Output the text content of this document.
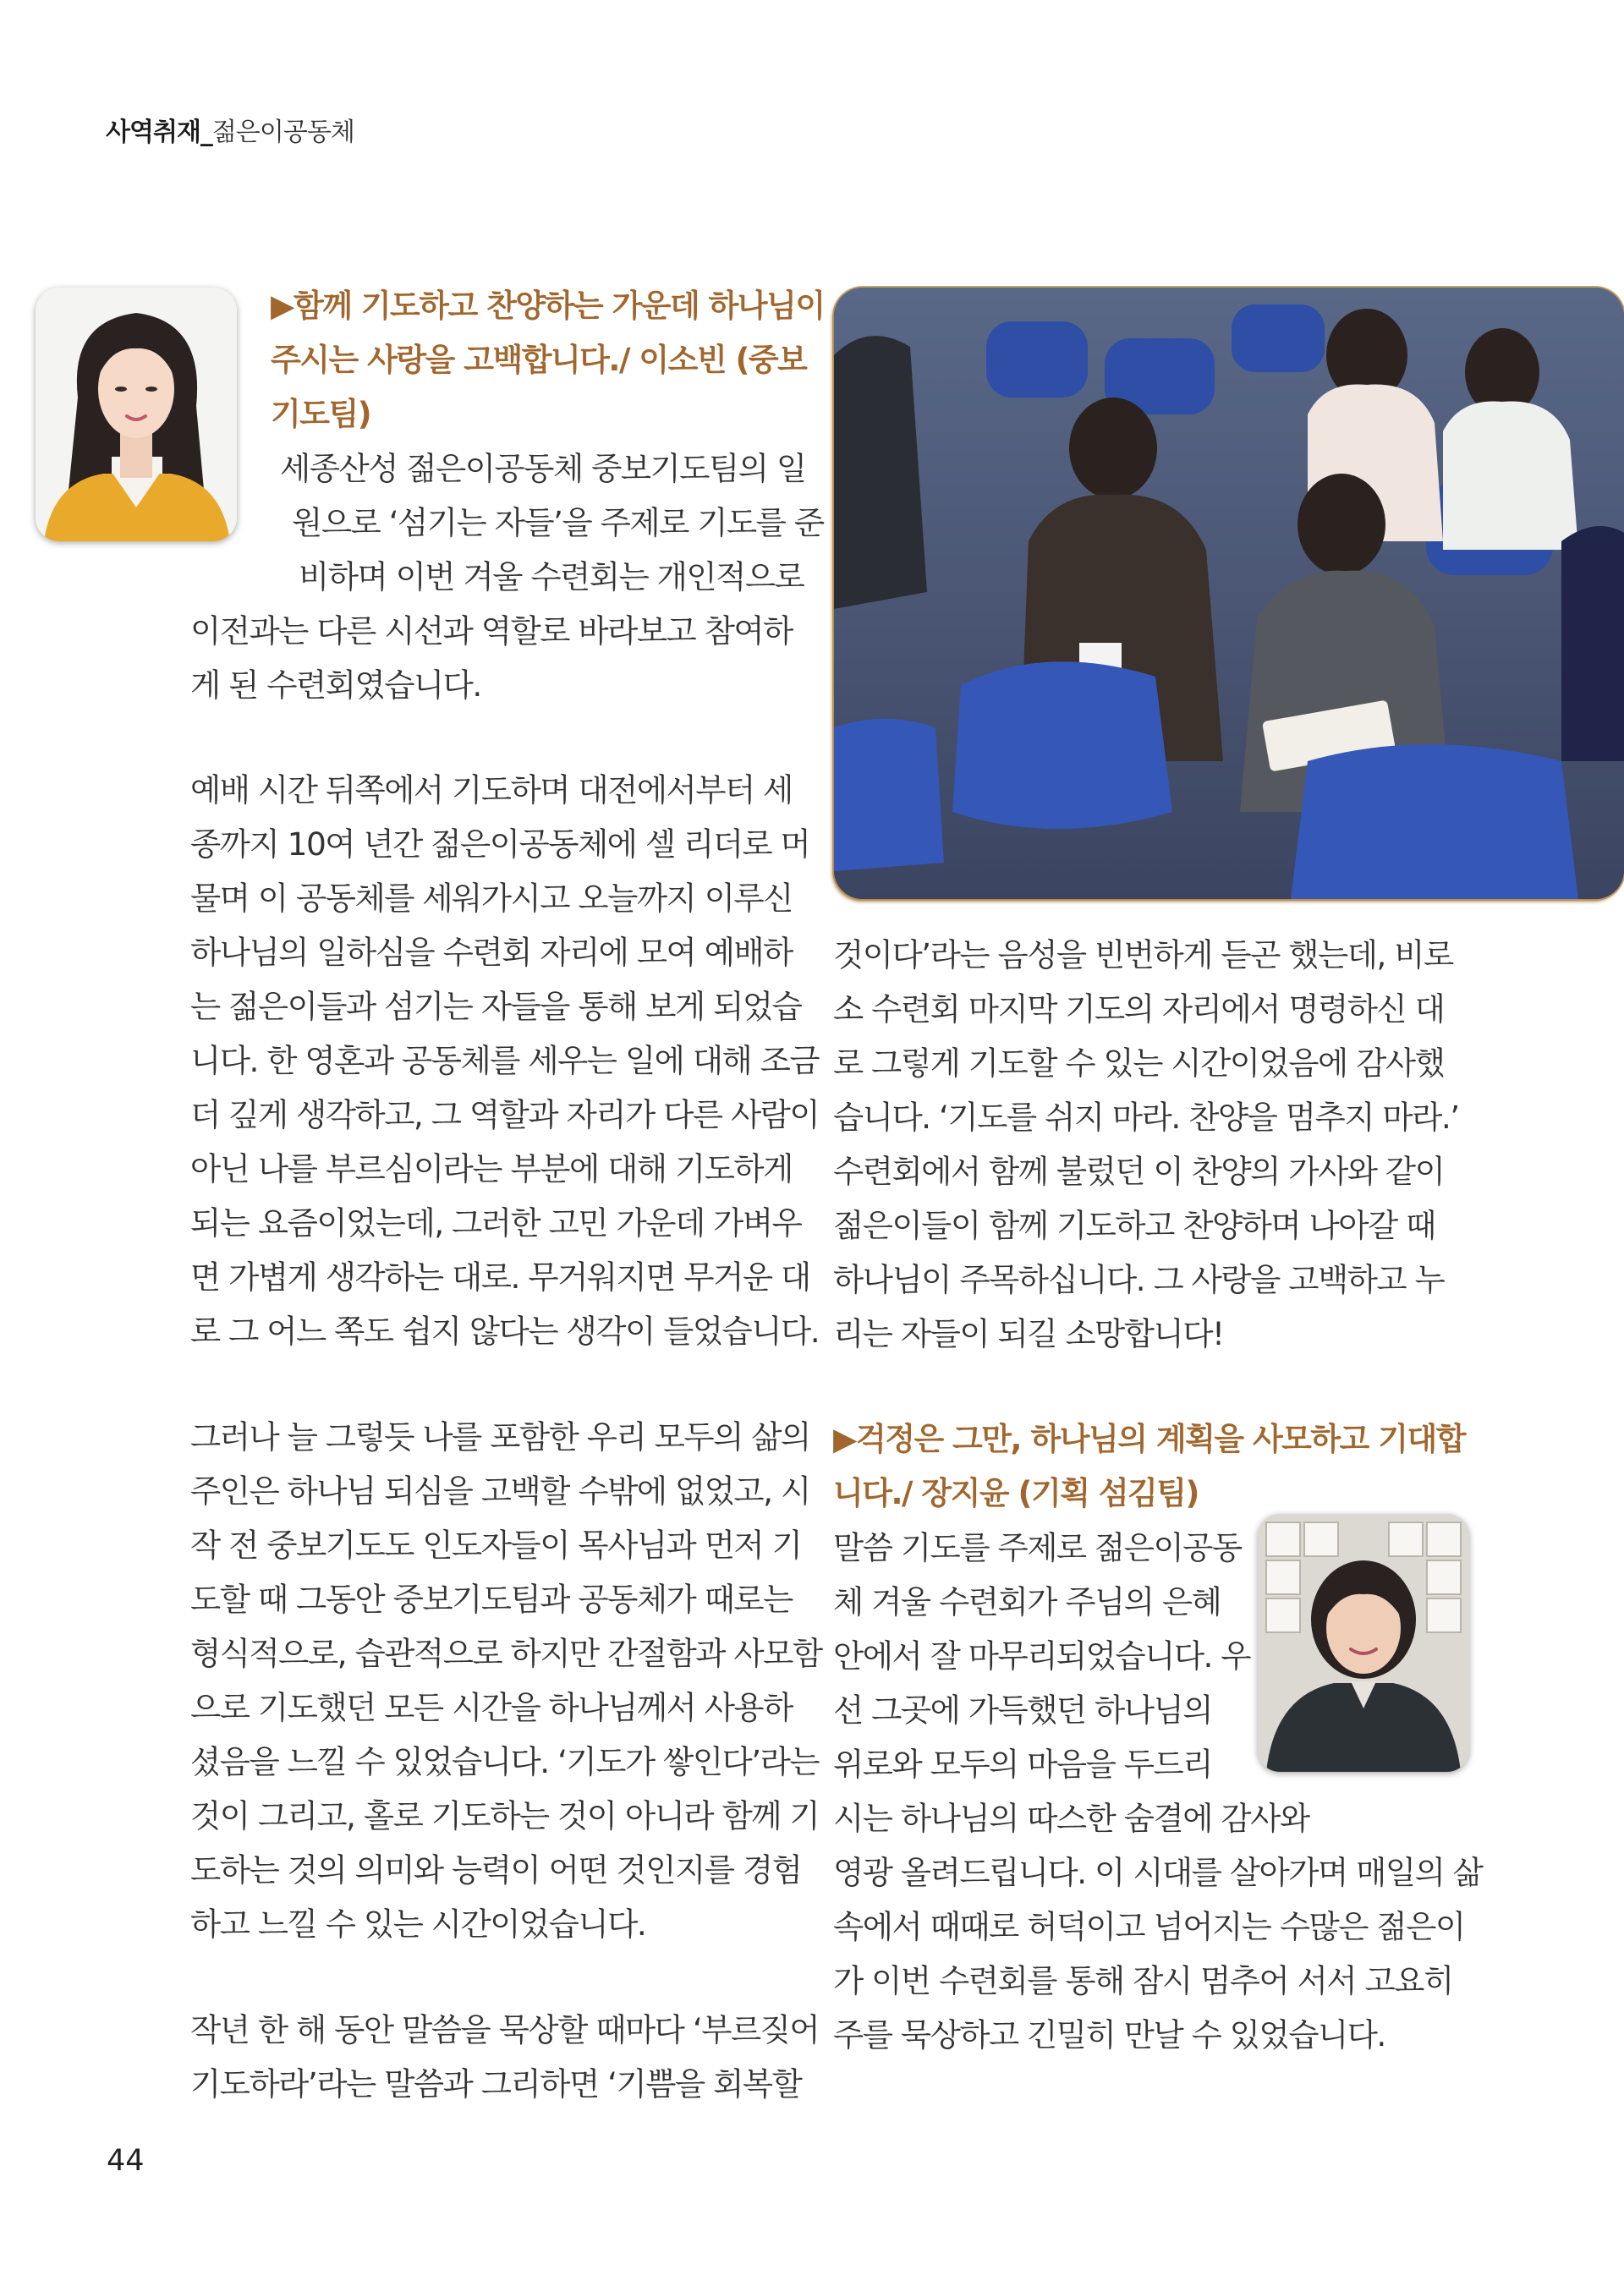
사역취재_젊은이공동체
▶함께 기도하고 찬양하는 가운데 하나님이
주시는 사랑을 고백합니다./ 이소빈 (중보
기도팀)
세종산성 젊은이공동체 중보기도팀의 일
원으로 ‘섬기는 자들’을 주제로 기도를 준
비하며 이번 겨울 수련회는 개인적으로
이전과는 다른 시선과 역할로 바라보고 참여하
게 된 수련회였습니다.
예배 시간 뒤쪽에서 기도하며 대전에서부터 세
종까지 10여 년간 젊은이공동체에 셀 리더로 머
물며 이 공동체를 세워가시고 오늘까지 이루신
하나님의 일하심을 수련회 자리에 모여 예배하
는 젊은이들과 섬기는 자들을 통해 보게 되었습
니다. 한 영혼과 공동체를 세우는 일에 대해 조금
더 깊게 생각하고, 그 역할과 자리가 다른 사람이
아닌 나를 부르심이라는 부분에 대해 기도하게
되는 요즘이었는데, 그러한 고민 가운데 가벼우
면 가볍게 생각하는 대로. 무거워지면 무거운 대
로 그 어느 쪽도 쉽지 않다는 생각이 들었습니다.
그러나 늘 그렇듯 나를 포함한 우리 모두의 삶의
주인은 하나님 되심을 고백할 수밖에 없었고, 시
작 전 중보기도도 인도자들이 목사님과 먼저 기
도할 때 그동안 중보기도팀과 공동체가 때로는
형식적으로, 습관적으로 하지만 간절함과 사모함
으로 기도했던 모든 시간을 하나님께서 사용하
셨음을 느낄 수 있었습니다. ‘기도가 쌓인다’라는
것이 그리고, 홀로 기도하는 것이 아니라 함께 기
도하는 것의 의미와 능력이 어떤 것인지를 경험
하고 느낄 수 있는 시간이었습니다.
작년 한 해 동안 말씀을 묵상할 때마다 ‘부르짖어
기도하라’라는 말씀과 그리하면 ‘기쁨을 회복할
것이다’라는 음성을 빈번하게 듣곤 했는데, 비로
소 수련회 마지막 기도의 자리에서 명령하신 대
로 그렇게 기도할 수 있는 시간이었음에 감사했
습니다. ‘기도를 쉬지 마라. 찬양을 멈추지 마라.’
수련회에서 함께 불렀던 이 찬양의 가사와 같이
젊은이들이 함께 기도하고 찬양하며 나아갈 때
하나님이 주목하십니다. 그 사랑을 고백하고 누
리는 자들이 되길 소망합니다!
▶걱정은 그만, 하나님의 계획을 사모하고 기대합
니다./ 장지윤 (기획 섬김팀)
말씀 기도를 주제로 젊은이공동
체 겨울 수련회가 주님의 은혜
안에서 잘 마무리되었습니다. 우
선 그곳에 가득했던 하나님의
위로와 모두의 마음을 두드리
시는 하나님의 따스한 숨결에 감사와
영광 올려드립니다. 이 시대를 살아가며 매일의 삶
속에서 때때로 허덕이고 넘어지는 수많은 젊은이
가 이번 수련회를 통해 잠시 멈추어 서서 고요히
주를 묵상하고 긴밀히 만날 수 있었습니다.
44
